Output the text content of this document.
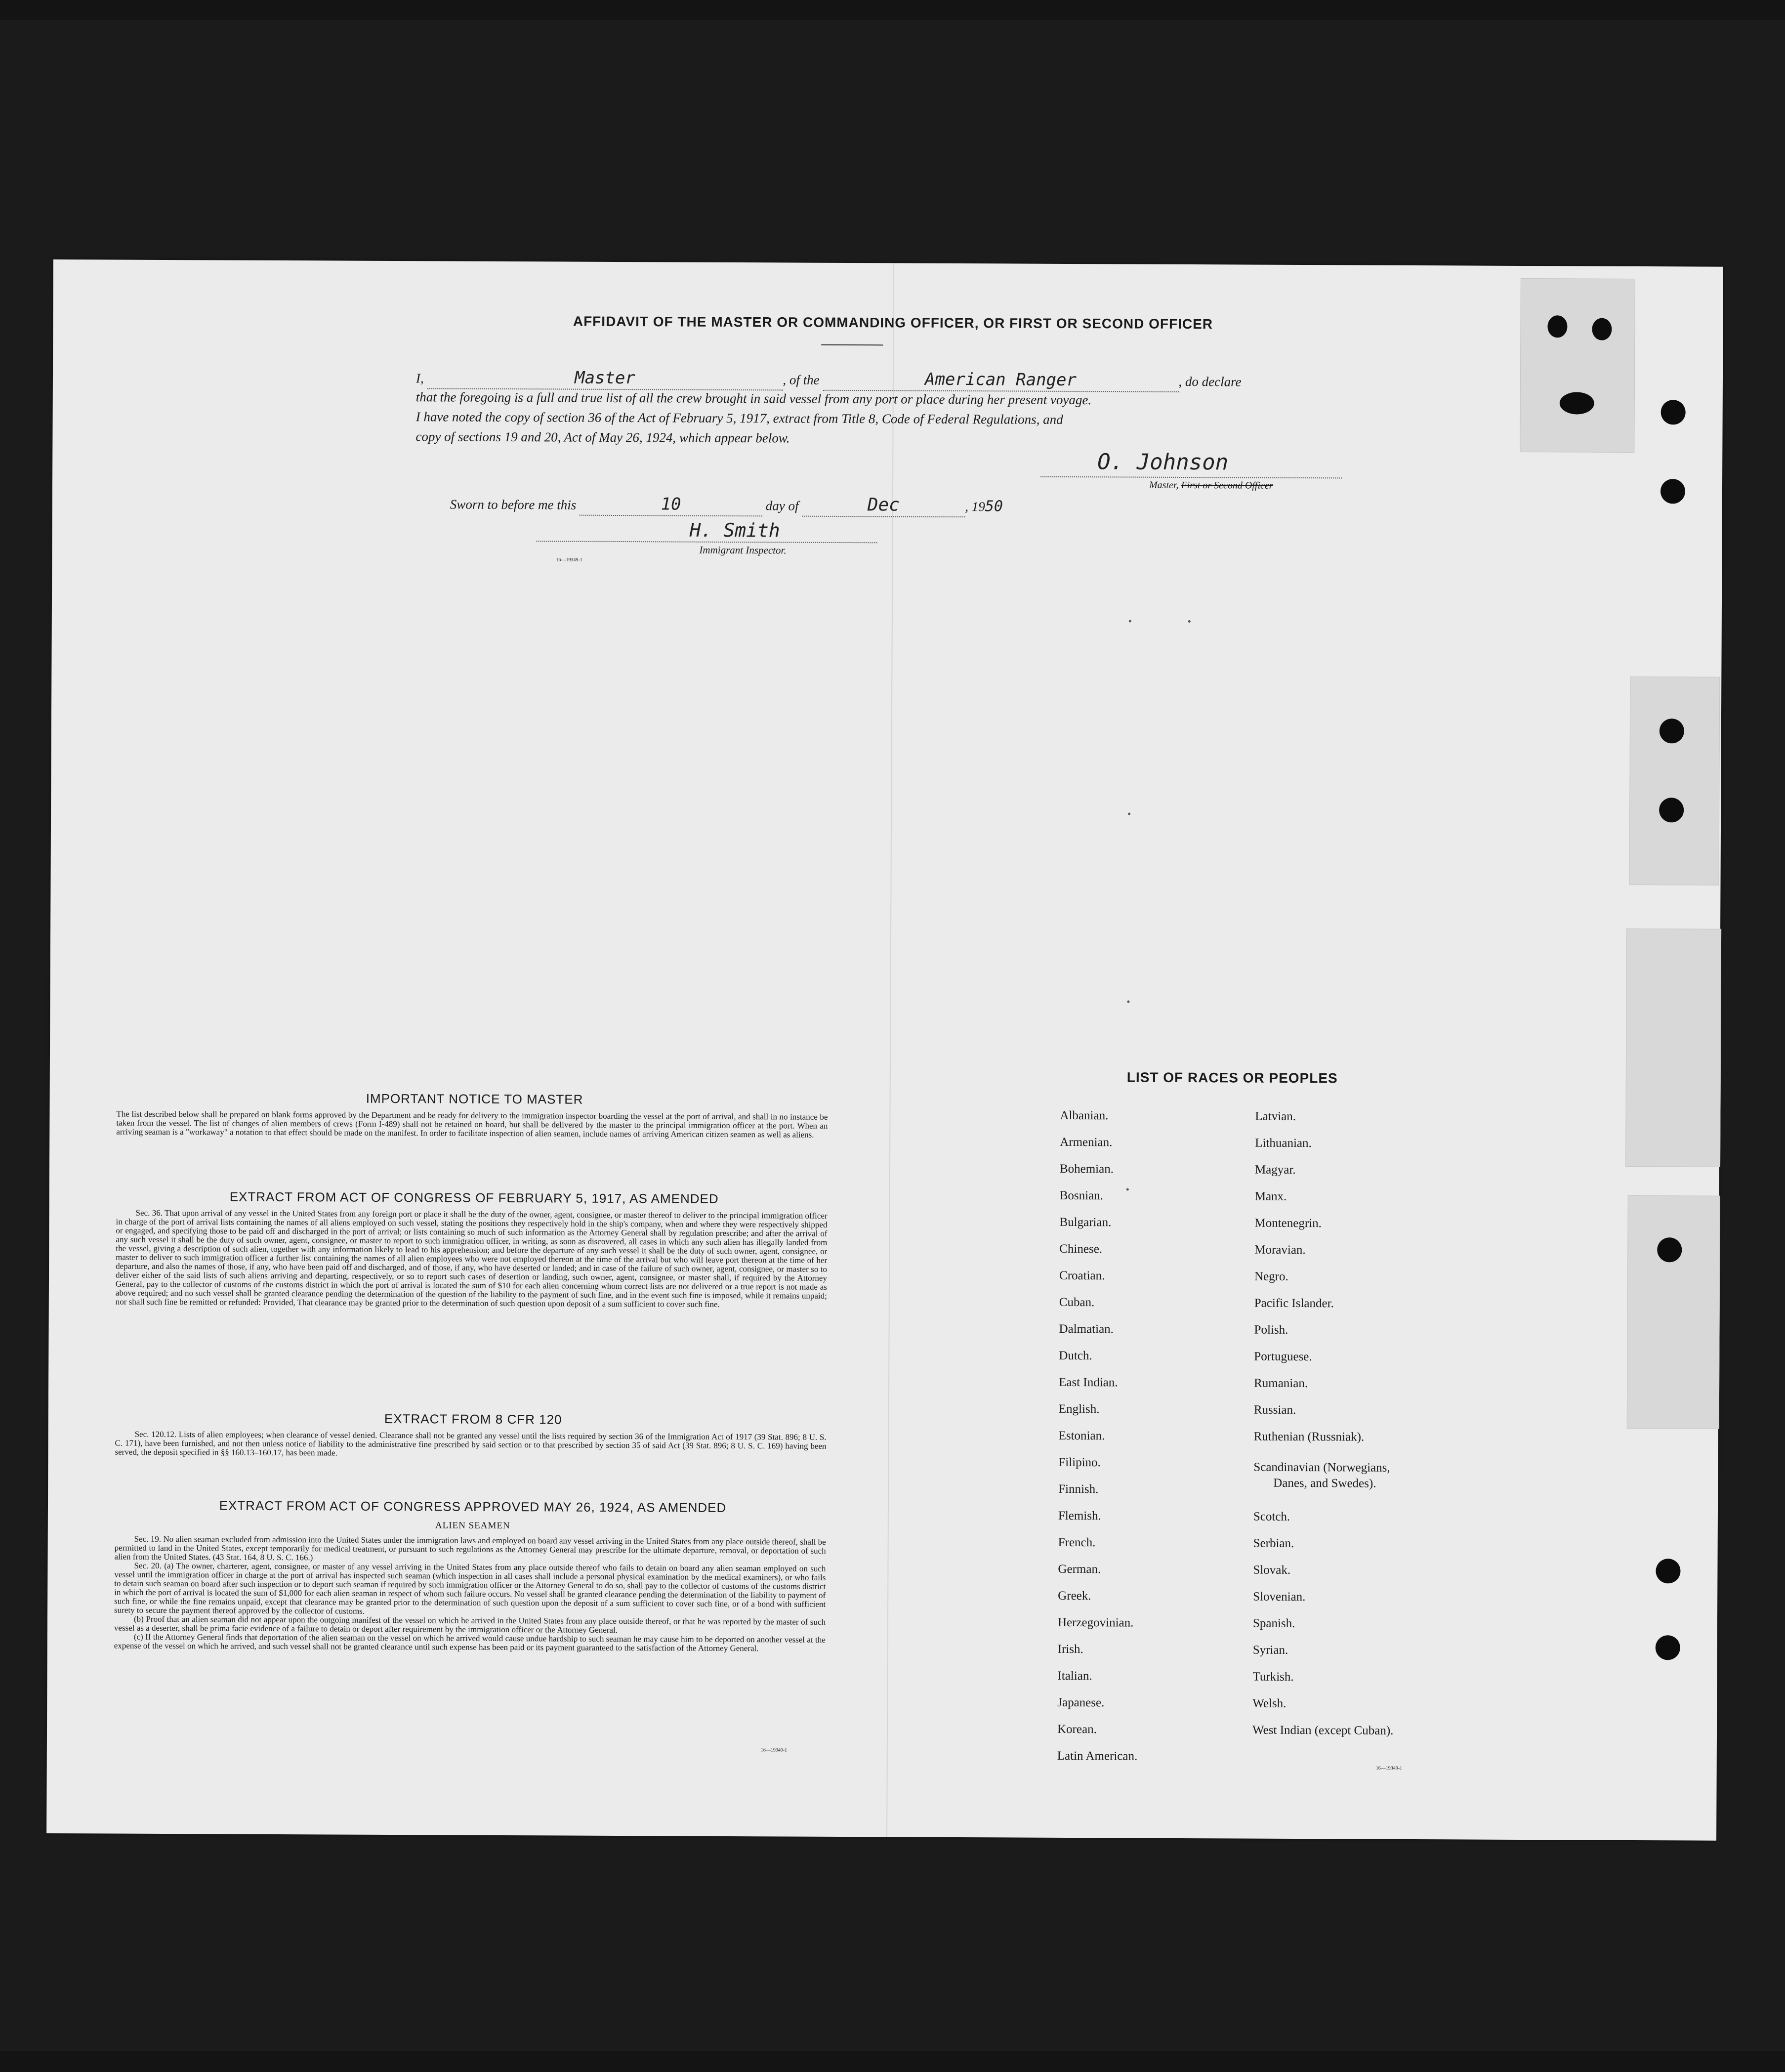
AFFIDAVIT OF THE MASTER OR COMMANDING OFFICER, OR FIRST OR SECOND OFFICER
I,	Master	, of the	American Ranger	, do declare
that the foregoing is a full and true list of all the crew brought in said vessel from any port or place during her present voyage.
I have noted the copy of section 36 of the Act of February 5, 1917, extract from Title 8, Code of Federal Regulations, and
copy of sections 19 and 20, Act of May 26, 1924, which appear below.
O. Johnson
Master, First or Second Officer
Sworn to before me this	10	day of	Dec	, 1950
H. Smith
Immigrant Inspector.
16—19349-1
IMPORTANT NOTICE TO MASTER
The list described below shall be prepared on blank forms approved by the Department and be ready for delivery to the immigration inspector boarding the vessel at the port of arrival, and shall in no instance be taken from the vessel. The list of changes of alien members of crews (Form I-489) shall not be retained on board, but shall be delivered by the master to the principal immigration officer at the port. When an arriving seaman is a "workaway" a notation to that effect should be made on the manifest. In order to facilitate inspection of alien seamen, include names of arriving American citizen seamen as well as aliens.
EXTRACT FROM ACT OF CONGRESS OF FEBRUARY 5, 1917, AS AMENDED
Sec. 36. That upon arrival of any vessel in the United States from any foreign port or place it shall be the duty of the owner, agent, consignee, or master thereof to deliver to the principal immigration officer in charge of the port of arrival lists containing the names of all aliens employed on such vessel, stating the positions they respectively hold in the ship's company, when and where they were respectively shipped or engaged, and specifying those to be paid off and discharged in the port of arrival; or lists containing so much of such information as the Attorney General shall by regulation prescribe; and after the arrival of any such vessel it shall be the duty of such owner, agent, consignee, or master to report to such immigration officer, in writing, as soon as discovered, all cases in which any such alien has illegally landed from the vessel, giving a description of such alien, together with any information likely to lead to his apprehension; and before the departure of any such vessel it shall be the duty of such owner, agent, consignee, or master to deliver to such immigration officer a further list containing the names of all alien employees who were not employed thereon at the time of the arrival but who will leave port thereon at the time of her departure, and also the names of those, if any, who have been paid off and discharged, and of those, if any, who have deserted or landed; and in case of the failure of such owner, agent, consignee, or master so to deliver either of the said lists of such aliens arriving and departing, respectively, or so to report such cases of desertion or landing, such owner, agent, consignee, or master shall, if required by the Attorney General, pay to the collector of customs of the customs district in which the port of arrival is located the sum of $10 for each alien concerning whom correct lists are not delivered or a true report is not made as above required; and no such vessel shall be granted clearance pending the determination of the question of the liability to the payment of such fine, and in the event such fine is imposed, while it remains unpaid; nor shall such fine be remitted or refunded: Provided, That clearance may be granted prior to the determination of such question upon deposit of a sum sufficient to cover such fine.
EXTRACT FROM 8 CFR 120
Sec. 120.12. Lists of alien employees; when clearance of vessel denied. Clearance shall not be granted any vessel until the lists required by section 36 of the Immigration Act of 1917 (39 Stat. 896; 8 U. S. C. 171), have been furnished, and not then unless notice of liability to the administrative fine prescribed by said section or to that prescribed by section 35 of said Act (39 Stat. 896; 8 U. S. C. 169) having been served, the deposit specified in §§ 160.13–160.17, has been made.
EXTRACT FROM ACT OF CONGRESS APPROVED MAY 26, 1924, AS AMENDED
ALIEN SEAMEN
Sec. 19. No alien seaman excluded from admission into the United States under the immigration laws and employed on board any vessel arriving in the United States from any place outside thereof, shall be permitted to land in the United States, except temporarily for medical treatment, or pursuant to such regulations as the Attorney General may prescribe for the ultimate departure, removal, or deportation of such alien from the United States. (43 Stat. 164, 8 U. S. C. 166.)
Sec. 20. (a) The owner, charterer, agent, consignee, or master of any vessel arriving in the United States from any place outside thereof who fails to detain on board any alien seaman employed on such vessel until the immigration officer in charge at the port of arrival has inspected such seaman (which inspection in all cases shall include a personal physical examination by the medical examiners), or who fails to detain such seaman on board after such inspection or to deport such seaman if required by such immigration officer or the Attorney General to do so, shall pay to the collector of customs of the customs district in which the port of arrival is located the sum of $1,000 for each alien seaman in respect of whom such failure occurs. No vessel shall be granted clearance pending the determination of the liability to payment of such fine, or while the fine remains unpaid, except that clearance may be granted prior to the determination of such question upon the deposit of a sum sufficient to cover such fine, or of a bond with sufficient surety to secure the payment thereof approved by the collector of customs.
(b) Proof that an alien seaman did not appear upon the outgoing manifest of the vessel on which he arrived in the United States from any place outside thereof, or that he was reported by the master of such vessel as a deserter, shall be prima facie evidence of a failure to detain or deport after requirement by the immigration officer or the Attorney General.
(c) If the Attorney General finds that deportation of the alien seaman on the vessel on which he arrived would cause undue hardship to such seaman he may cause him to be deported on another vessel at the expense of the vessel on which he arrived, and such vessel shall not be granted clearance until such expense has been paid or its payment guaranteed to the satisfaction of the Attorney General.
16—19349-1
LIST OF RACES OR PEOPLES
Albanian.
Armenian.
Bohemian.
Bosnian.
Bulgarian.
Chinese.
Croatian.
Cuban.
Dalmatian.
Dutch.
East Indian.
English.
Estonian.
Filipino.
Finnish.
Flemish.
French.
German.
Greek.
Herzegovinian.
Irish.
Italian.
Japanese.
Korean.
Latin American.
Latvian.
Lithuanian.
Magyar.
Manx.
Montenegrin.
Moravian.
Negro.
Pacific Islander.
Polish.
Portuguese.
Rumanian.
Russian.
Ruthenian (Russniak).
Scandinavian (Norwegians,
Danes, and Swedes).
Scotch.
Serbian.
Slovak.
Slovenian.
Spanish.
Syrian.
Turkish.
Welsh.
West Indian (except Cuban).
16—19349-1
